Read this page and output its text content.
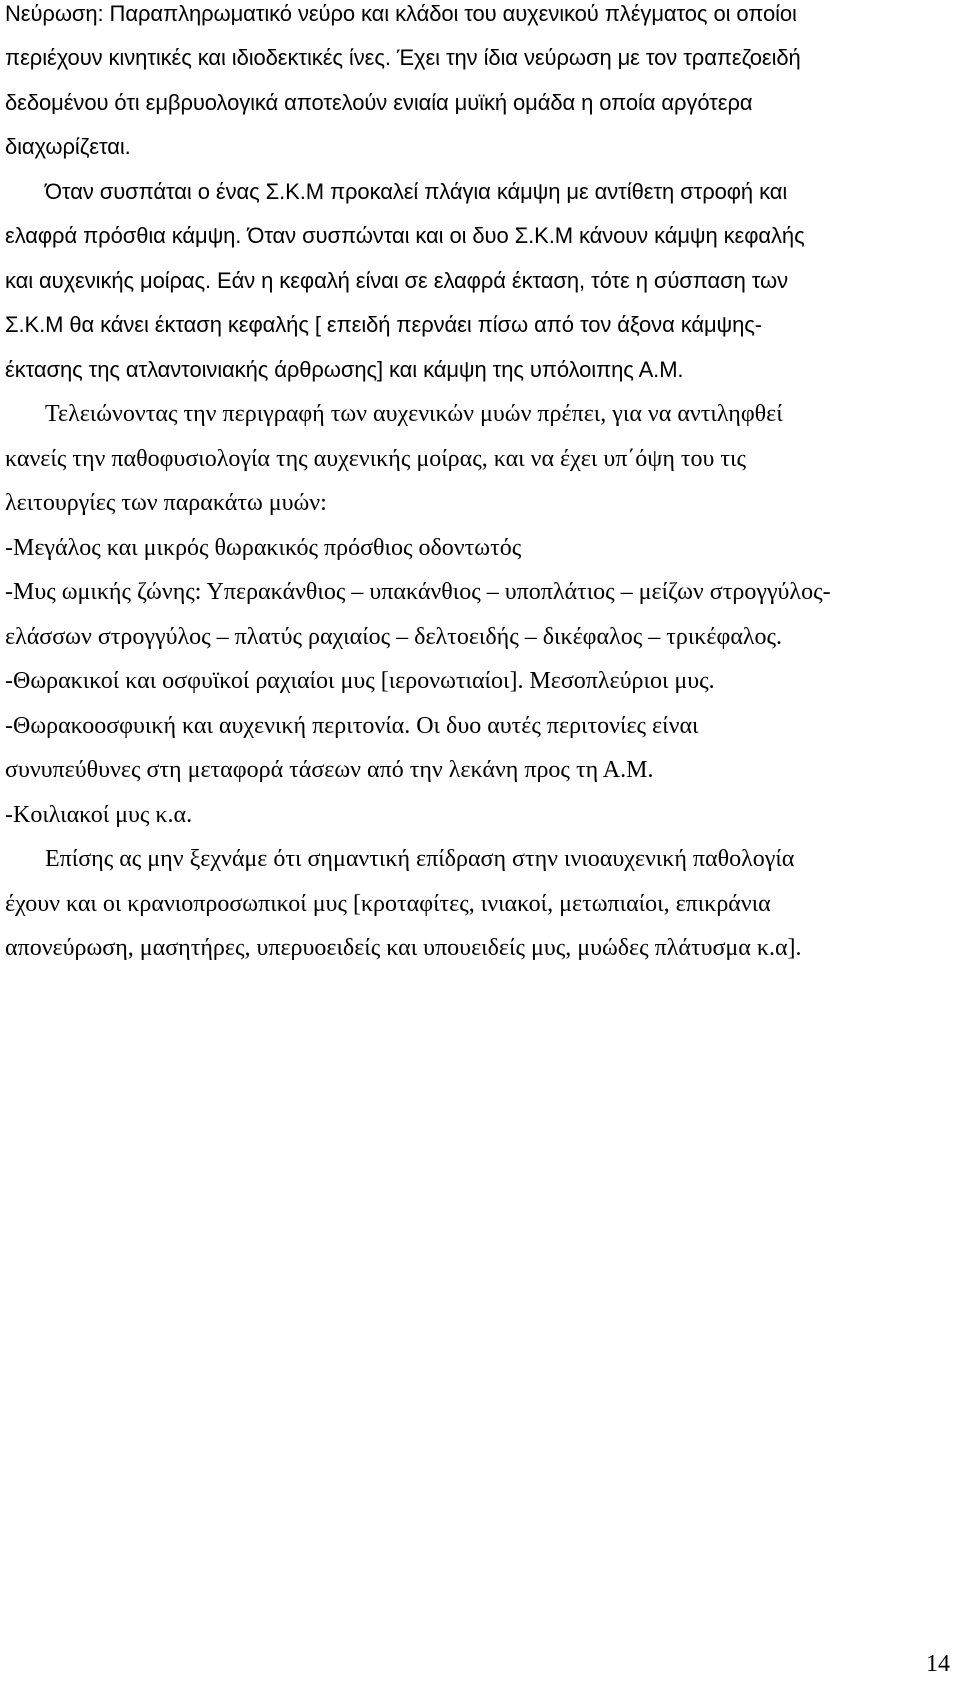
Νεύρωση: Παραπληρωματικό νεύρο και κλάδοι του αυχενικού πλέγματος οι οποίοι
περιέχουν κινητικές και ιδιοδεκτικές ίνες. Έχει την ίδια νεύρωση με τον τραπεζοειδή
δεδομένου ότι εμβρυολογικά αποτελούν ενιαία μυϊκή ομάδα η οποία αργότερα
διαχωρίζεται.
Όταν συσπάται ο ένας Σ.Κ.Μ προκαλεί πλάγια κάμψη με αντίθετη στροφή και
ελαφρά πρόσθια κάμψη. Όταν συσπώνται και οι δυο Σ.Κ.Μ κάνουν κάμψη κεφαλής
και αυχενικής μοίρας. Εάν η κεφαλή είναι σε ελαφρά έκταση, τότε η σύσπαση των
Σ.Κ.Μ θα κάνει έκταση κεφαλής [ επειδή περνάει πίσω από τον άξονα κάμψης-
έκτασης της ατλαντοινιακής άρθρωσης] και κάμψη της υπόλοιπης Α.Μ.
Τελειώνοντας την περιγραφή των αυχενικών μυών πρέπει, για να αντιληφθεί
κανείς την παθοφυσιολογία της αυχενικής μοίρας, και να έχει υπ΄όψη του τις
λειτουργίες των παρακάτω μυών:
-Μεγάλος και μικρός θωρακικός πρόσθιος οδοντωτός
-Μυς ωμικής ζώνης: Υπερακάνθιος – υπακάνθιος – υποπλάτιος – μείζων στρογγύλος-
ελάσσων στρογγύλος – πλατύς ραχιαίος – δελτοειδής – δικέφαλος – τρικέφαλος.
-Θωρακικοί και οσφυϊκοί ραχιαίοι μυς [ιερονωτιαίοι]. Μεσοπλεύριοι μυς.
-Θωρακοοσφυική και αυχενική περιτονία. Οι δυο αυτές περιτονίες είναι
συνυπεύθυνες στη μεταφορά τάσεων από την λεκάνη προς τη Α.Μ.
-Κοιλιακοί μυς κ.α.
Επίσης ας μην ξεχνάμε ότι σημαντική επίδραση στην ινιοαυχενική παθολογία
έχουν και οι κρανιοπροσωπικοί μυς [κροταφίτες, ινιακοί, μετωπιαίοι, επικράνια
απονεύρωση, μασητήρες, υπερυοειδείς και υπουειδείς μυς, μυώδες πλάτυσμα κ.α].
14
